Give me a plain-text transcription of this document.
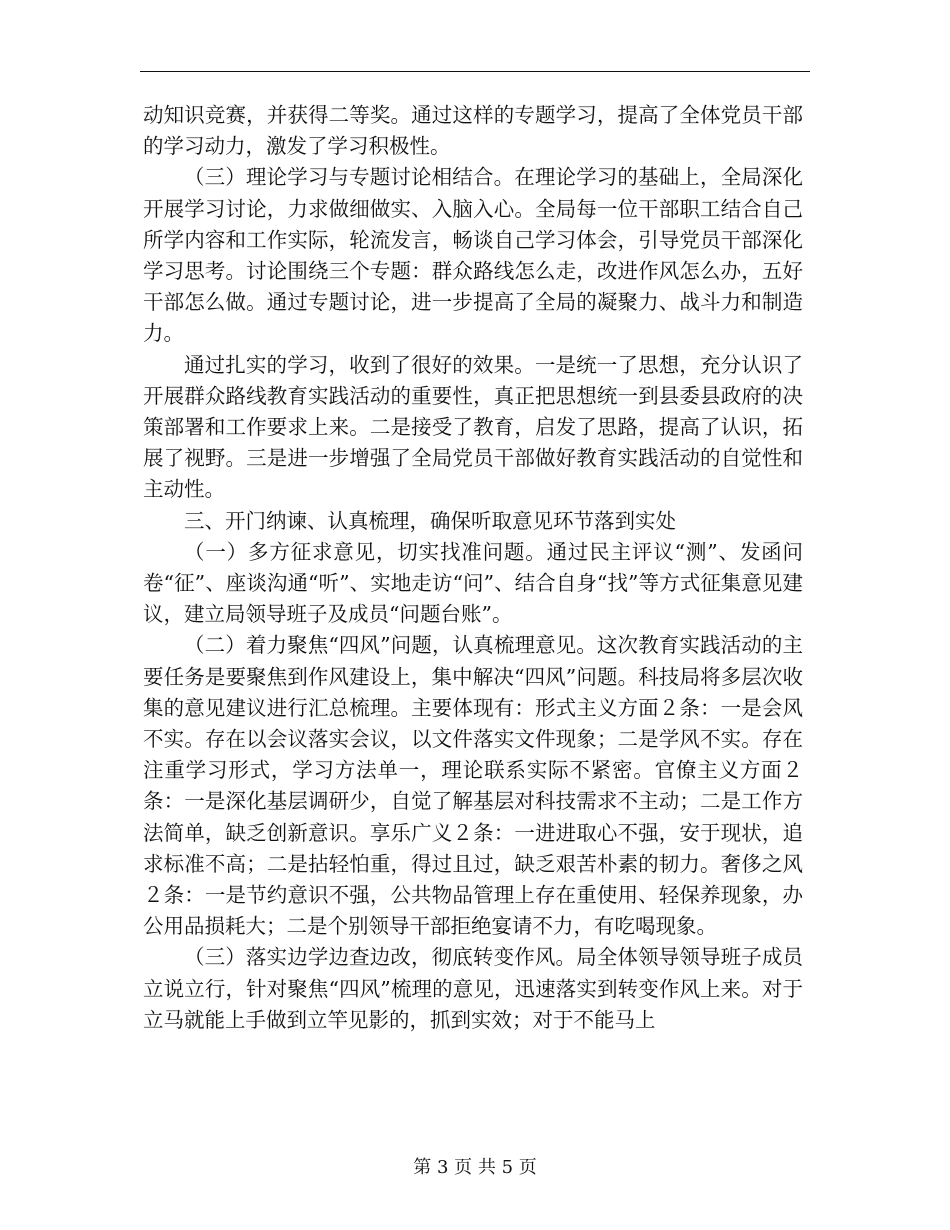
动知识竞赛，并获得二等奖。通过这样的专题学习，提高了全体党员干部的学习动力，激发了学习积极性。

（三）理论学习与专题讨论相结合。在理论学习的基础上，全局深化开展学习讨论，力求做细做实、入脑入心。全局每一位干部职工结合自己所学内容和工作实际，轮流发言，畅谈自己学习体会，引导党员干部深化学习思考。讨论围绕三个专题：群众路线怎么走，改进作风怎么办，五好干部怎么做。通过专题讨论，进一步提高了全局的凝聚力、战斗力和制造力。

通过扎实的学习，收到了很好的效果。一是统一了思想，充分认识了开展群众路线教育实践活动的重要性，真正把思想统一到县委县政府的决策部署和工作要求上来。二是接受了教育，启发了思路，提高了认识，拓展了视野。三是进一步增强了全局党员干部做好教育实践活动的自觉性和主动性。

三、开门纳谏、认真梳理，确保听取意见环节落到实处

（一）多方征求意见，切实找准问题。通过民主评议“测”、发函问卷“征”、座谈沟通“听”、实地走访“问”、结合自身“找”等方式征集意见建议，建立局领导班子及成员“问题台账”。

（二）着力聚焦“四风”问题，认真梳理意见。这次教育实践活动的主要任务是要聚焦到作风建设上，集中解决“四风”问题。科技局将多层次收集的意见建议进行汇总梳理。主要体现有：形式主义方面２条：一是会风不实。存在以会议落实会议，以文件落实文件现象；二是学风不实。存在注重学习形式，学习方法单一，理论联系实际不紧密。官僚主义方面２条：一是深化基层调研少，自觉了解基层对科技需求不主动；二是工作方法简单，缺乏创新意识。享乐广义２条：一进进取心不强，安于现状，追求标准不高；二是拈轻怕重，得过且过，缺乏艰苦朴素的韧力。奢侈之风２条：一是节约意识不强，公共物品管理上存在重使用、轻保养现象，办公用品损耗大；二是个别领导干部拒绝宴请不力，有吃喝现象。

（三）落实边学边查边改，彻底转变作风。局全体领导领导班子成员立说立行，针对聚焦“四风”梳理的意见，迅速落实到转变作风上来。对于立马就能上手做到立竿见影的，抓到实效；对于不能马上

第 3 页 共 5 页
